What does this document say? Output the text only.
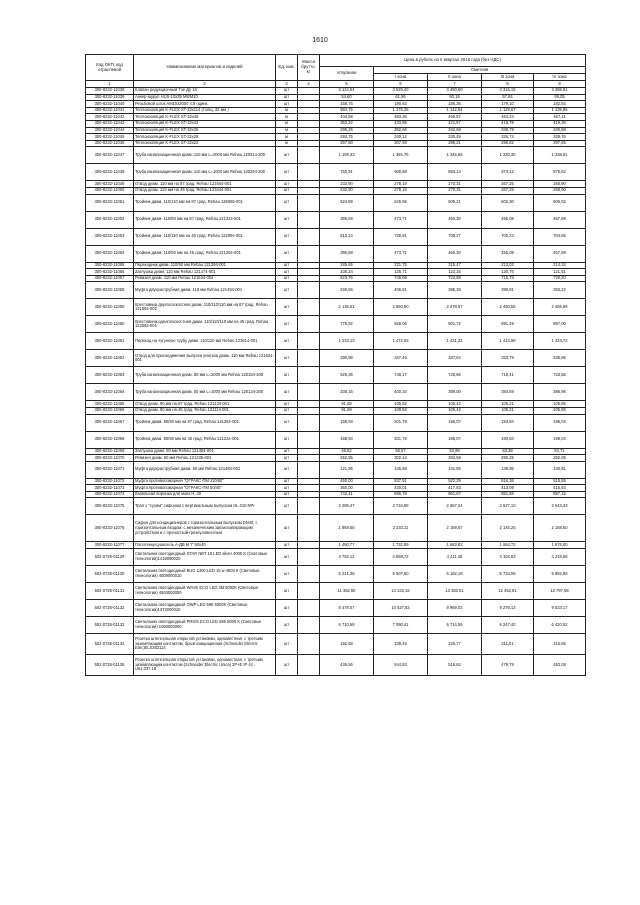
1610
Код ОКП, код отраслевой	Наименование материалов и изделий	Ед. изм.	Масса брутто, кг	Цена в рублях на II квартал 2018 года (без НДС)				
				отпускная	Сметная			
					I зона	II зона	III зона	IV зона
1	2	3	4	5	6	7	8	9
300-8232-11038	Клапан редукционный Tзе Ду 15	шт		3 124,54	3 529,40	3 450,60	3 316,15	3 385,91
300-8232-11039	Анкер-шуруп HUS-10x35 M8/M10	шт		54,60	61,56	60,19	57,84	59,05
300-8232-11040	Резьбовой шток AM10x2000 4.8 оцинк.	шт		168,75	190,62	186,36	179,10	182,84
300-8232-11041	Теплоизоляция K-FLEX ST-32x114 (толщ. 32 мм )	м		984,75	1 176,25	1 142,54	1 129,67	1 135,95
300-8232-11042	Теплоизоляция K-FLEX ST-32x48	м		404,58	483,26	469,57	464,24	467,11
300-8232-11043	Теплоизоляция K-FLEX ST-32x42	м		363,22	433,85	421,57	416,78	419,36
300-8232-11044	Теплоизоляция K-FLEX ST-32x35	м		295,25	352,66	342,68	338,79	340,88
300-8232-11045	Теплоизоляция K-FLEX ST-32x28	м		284,75	340,12	330,49	326,74	328,76
300-8232-11046	Теплоизоляция K-FLEX ST-32x22	м		257,80	307,93	299,21	295,82	297,65
300-8232-11047	Труба канализационная диам. 110 мм L=2000 мм Rehau 120314-200	шт		1 159,33	1 384,76	1 345,56	1 330,30	1 338,51
300-8232-11048	Труба канализационная диам. 110 мм L=1000 мм Rehau 120294-200	шт		760,91	908,88	883,14	873,12	878,52
300-8232-11049	Отвод диам. 110 мм на 87 град. Rehau 123404-001	шт		232,90	278,19	270,31	267,25	268,90
300-8232-11050	Отвод диам. 110 мм на 45 град. Rehau 123444-001	шт		232,90	278,19	270,31	267,25	268,90
300-8232-11051	Тройник диам. 110/110 мм на 87 град. Rehau 125065-001	шт		524,89	626,96	609,21	602,30	606,02
300-8232-11052	Тройник диам. 110/50 мм на 87 град. Rehau 121324-001	шт		396,59	473,71	460,30	455,08	457,89
300-8232-11053	Тройник диам. 110/110 мм на 45 град. Rehau 122084-001	шт		610,24	728,91	708,27	700,23	704,56
300-8232-11054	Тройник диам. 110/50 мм на 45 град. Rehau 121304-001	шт		396,59	473,71	460,30	455,08	457,89
300-8232-11055	Переходник диам. 110/50 мм Rehau 121394-001	шт		185,65	221,75	215,47	213,03	214,34
300-8232-11056	Заглушка диам. 110 мм Rehau 121474-001	шт		105,24	125,71	122,15	120,76	121,51
300-8232-11057	Ревизия диам. 110 мм Rehau 121534-002	шт		623,76	745,09	723,99	715,78	720,20
300-8232-11058	Муфта двухраструбная диам. 110 мм Rehau 121494-001	шт		340,56	406,81	395,29	390,81	393,22
300-8232-11059	Крестовина двухплоскостная диам. 110/110/110 мм на 87 град. Rehau 121564-002	шт		2 135,61	2 550,90	2 478,67	2 450,55	2 465,68
300-8232-11060	Крестовина одноплоскостная диам. 110/110/110 мм на 45 град. Rehau 122064-001	шт		776,82	928,06	901,72	891,49	897,00
300-8232-11061	Переход на чугунную трубу диам. 110/110 мм Rehau 123614-001	шт		1 233,13	1 472,93	1 431,22	1 414,98	1 423,72
300-8232-11062	Отвод для присоединения выпуска унитаза диам. 110 мм Rehau 121624-001	шт		290,89	347,46	337,62	333,79	335,85
300-8232-11063	Труба канализационная диам. 50 мм L=2000 мм Rehau 120154-200	шт		626,35	748,17	726,86	719,41	723,85
300-8232-11064	Труба канализационная диам. 50 мм L=1000 мм Rehau 120134-200	шт		335,16	400,34	389,00	384,59	386,96
300-8232-11065	Отвод диам. 50 мм на 87 град. Rehau 121134-001	шт		91,69	109,52	106,42	105,21	105,86
300-8232-11066	Отвод диам. 50 мм на 45 град. Rehau 121114-001	шт		91,69	109,52	106,42	105,21	105,86
300-8232-11067	Тройник диам. 50/50 мм на 87 град. Rehau 121254-001	шт		168,93	201,78	196,07	193,84	195,04
300-8232-11068	Тройник диам. 50/50 мм на 45 град. Rehau 121234-001	шт		168,93	201,78	196,07	193,84	195,04
300-8232-11069	Заглушка диам. 50 мм Rehau 121454-001	шт		46,52	55,57	53,99	53,38	53,71
300-8232-11070	Ревизия диам. 50 мм Rehau 121235-002	шт		252,95	302,14	293,58	290,25	292,05
300-8232-11071	Муфта двухраструбная диам. 50 мм Rehau 121484-001	шт		121,96	145,68	141,55	139,95	140,81
300-8232-11072	Муфта противопожарная "ОГРАКС-ПМ 110/60"	шт		450,00	537,51	522,29	516,36	519,55
300-8232-11073	Муфта противопожарная "ОГРАКС-ПМ 50/40"	шт		360,00	430,01	417,83	413,09	415,64
300-8232-11074	Капельная воронка для моек H, 20	шт		742,41	886,78	861,67	851,89	857,15
300-8232-11075	Трап с "сухим" сифоном с вертикальным выпуском HL 310 NPr	шт		2 289,47	2 734,68	2 657,24	2 627,10	2 643,33
300-8232-11076	Сифон для кондиционеров с горизонтальным выпуском DN40, с горизонтальным входом, с механическим запахозапирающим устройством и с прочисткой-грязеуловителем	шт		1 869,55	2 233,11	2 169,87	2 145,25	2 158,50
300-8232-11077	Полотенцесушитель А-ДВ М 7' 50х40	шт		1 450,77	1 732,89	1 683,82	1 664,72	1 675,00
502-0726-01129	Светильник светодиодный STAR NBT 16 LED silver 4000 K (Световые технологии)1418000020	шт		3 752,12	4 658,72	4 411,45	4 104,63	4 218,58
502-0726-01130	Светильник светодиодный BUG 1300 LED 15 w 4500 К (Световые технологии) 4509000010	шт		5 241,36	6 507,60	6 162,19	5 734,06	5 892,95
502-0726-01131	Светильник светодиодный WAVE ECO LED 3M 5000К (Световые технологии) 4504000050	шт		11 382,80	14 133,16	13 383,01	12 452,81	12 797,89
502-0726-01132	Светильник светодиодный OWP LED 595 5000K (Световые технологии)1372000010	шт		8 479,07	10 527,82	9 969,03	9 276,12	9 533,17
502-0726-01133	Светильник светодиодный PRS/S ECO LED 595 5000 K (Световые технологии) 1060000060	шт		5 710,59	7 090,41	6 714,06	6 247,40	6 420,52
502-0726-01134	Розетка штепсельная открытой установки, одноместная, с третьим заземляющим контактом, брызгозащищенная (Schneider Electric Etec)ELS353114	шт		192,68	239,48	226,77	211,01	216,86
502-0726-01135	Розетка штепсельная открытой установки, одноместная, с третьим заземляющим контактом (Schneider Electric Unica) 2P+E IP 44 , U61.037.18	шт		436,56	544,53	515,62	479,79	493,08
